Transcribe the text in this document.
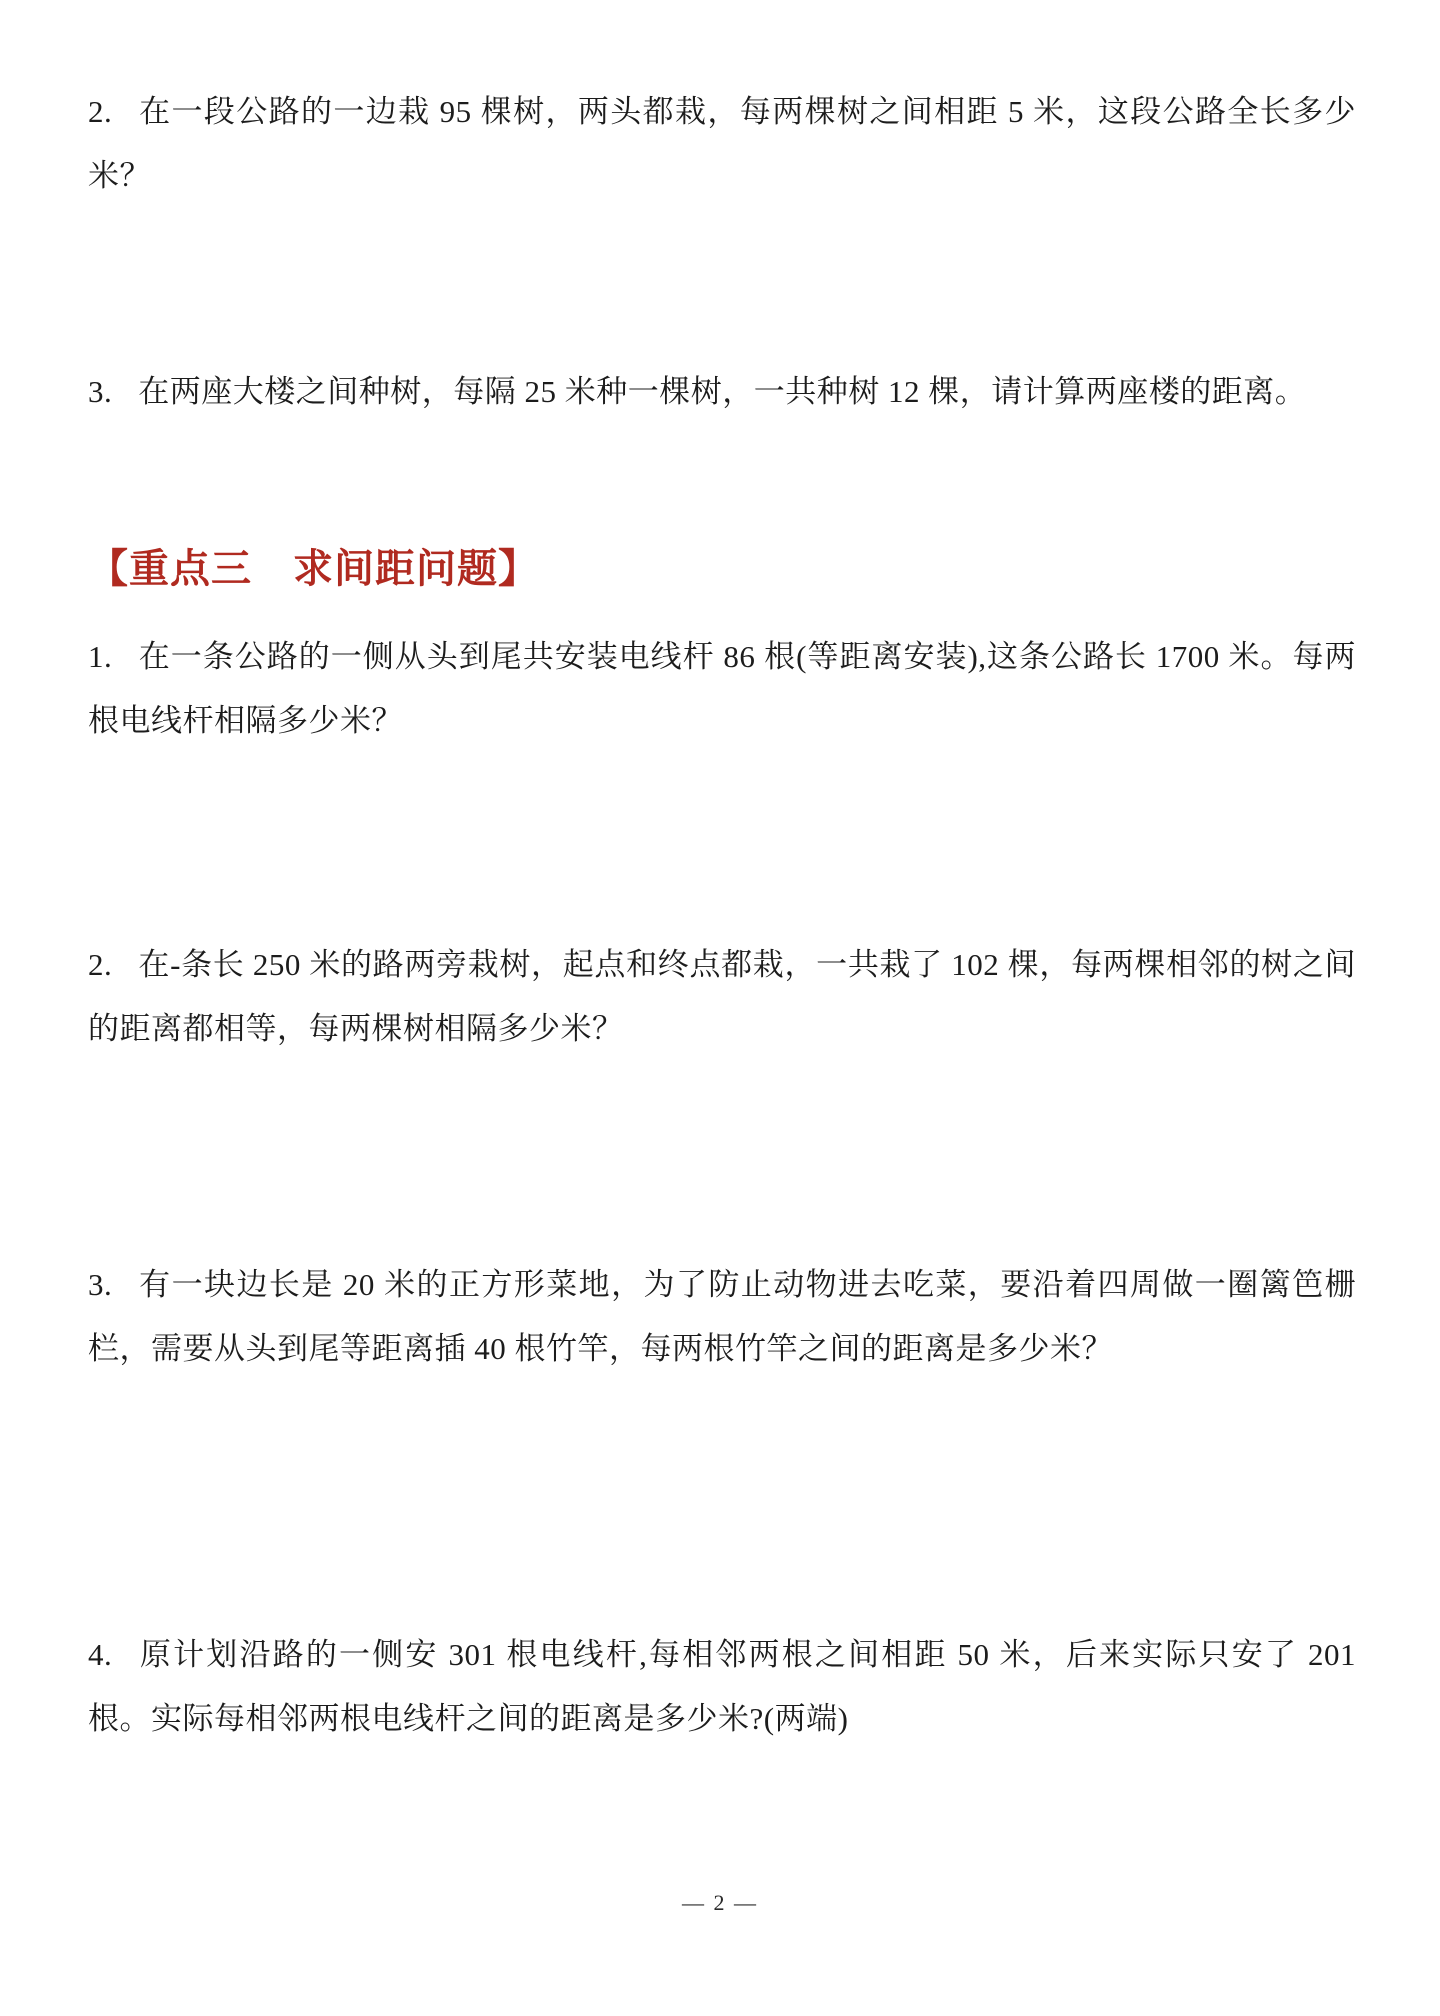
2. 在一段公路的一边栽 95 棵树，两头都栽，每两棵树之间相距 5 米，这段公路全长多少米？
3. 在两座大楼之间种树，每隔 25 米种一棵树，一共种树 12 棵，请计算两座楼的距离。
【重点三　求间距问题】
1. 在一条公路的一侧从头到尾共安装电线杆 86 根(等距离安装),这条公路长 1700 米。每两根电线杆相隔多少米？
2. 在-条长 250 米的路两旁栽树，起点和终点都栽，一共栽了 102 棵，每两棵相邻的树之间的距离都相等，每两棵树相隔多少米？
3. 有一块边长是 20 米的正方形菜地，为了防止动物进去吃菜，要沿着四周做一圈篱笆栅栏，需要从头到尾等距离插 40 根竹竿，每两根竹竿之间的距离是多少米？
4. 原计划沿路的一侧安 301 根电线杆,每相邻两根之间相距 50 米，后来实际只安了 201 根。实际每相邻两根电线杆之间的距离是多少米?(两端)
— 2 —
